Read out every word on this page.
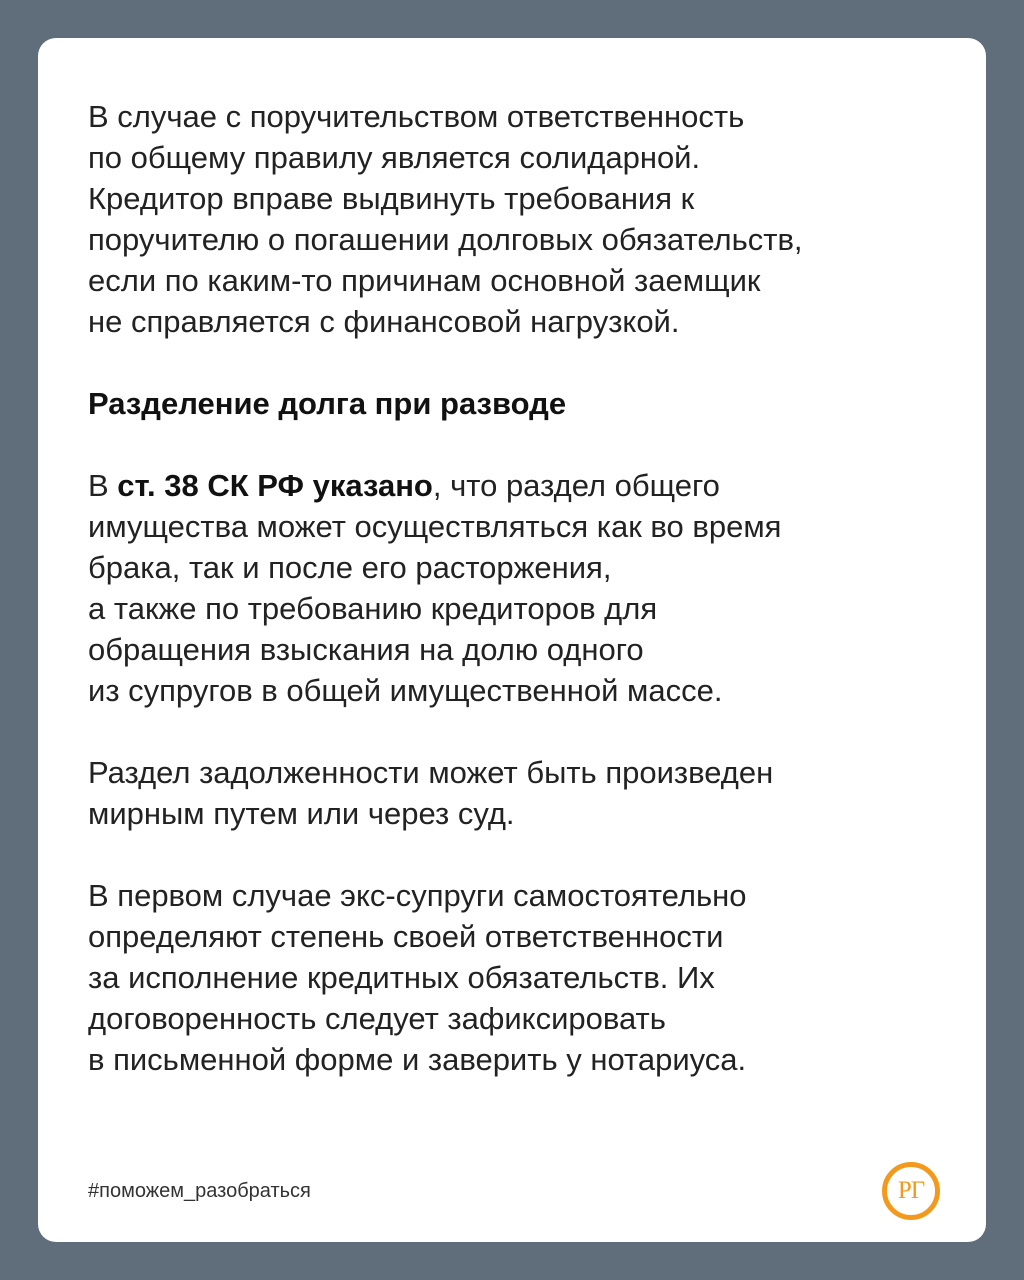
В случае с поручительством ответственность
по общему правилу является солидарной.
Кредитор вправе выдвинуть требования к
поручителю о погашении долговых обязательств,
если по каким-то причинам основной заемщик
не справляется с финансовой нагрузкой.

Разделение долга при разводе

В ст. 38 СК РФ указано, что раздел общего
имущества может осуществляться как во время
брака, так и после его расторжения,
а также по требованию кредиторов для
обращения взыскания на долю одного
из супругов в общей имущественной массе.

Раздел задолженности может быть произведен
мирным путем или через суд.

В первом случае экс-супруги самостоятельно
определяют степень своей ответственности
за исполнение кредитных обязательств. Их
договоренность следует зафиксировать
в письменной форме и заверить у нотариуса.

#поможем_разобраться	РГ
